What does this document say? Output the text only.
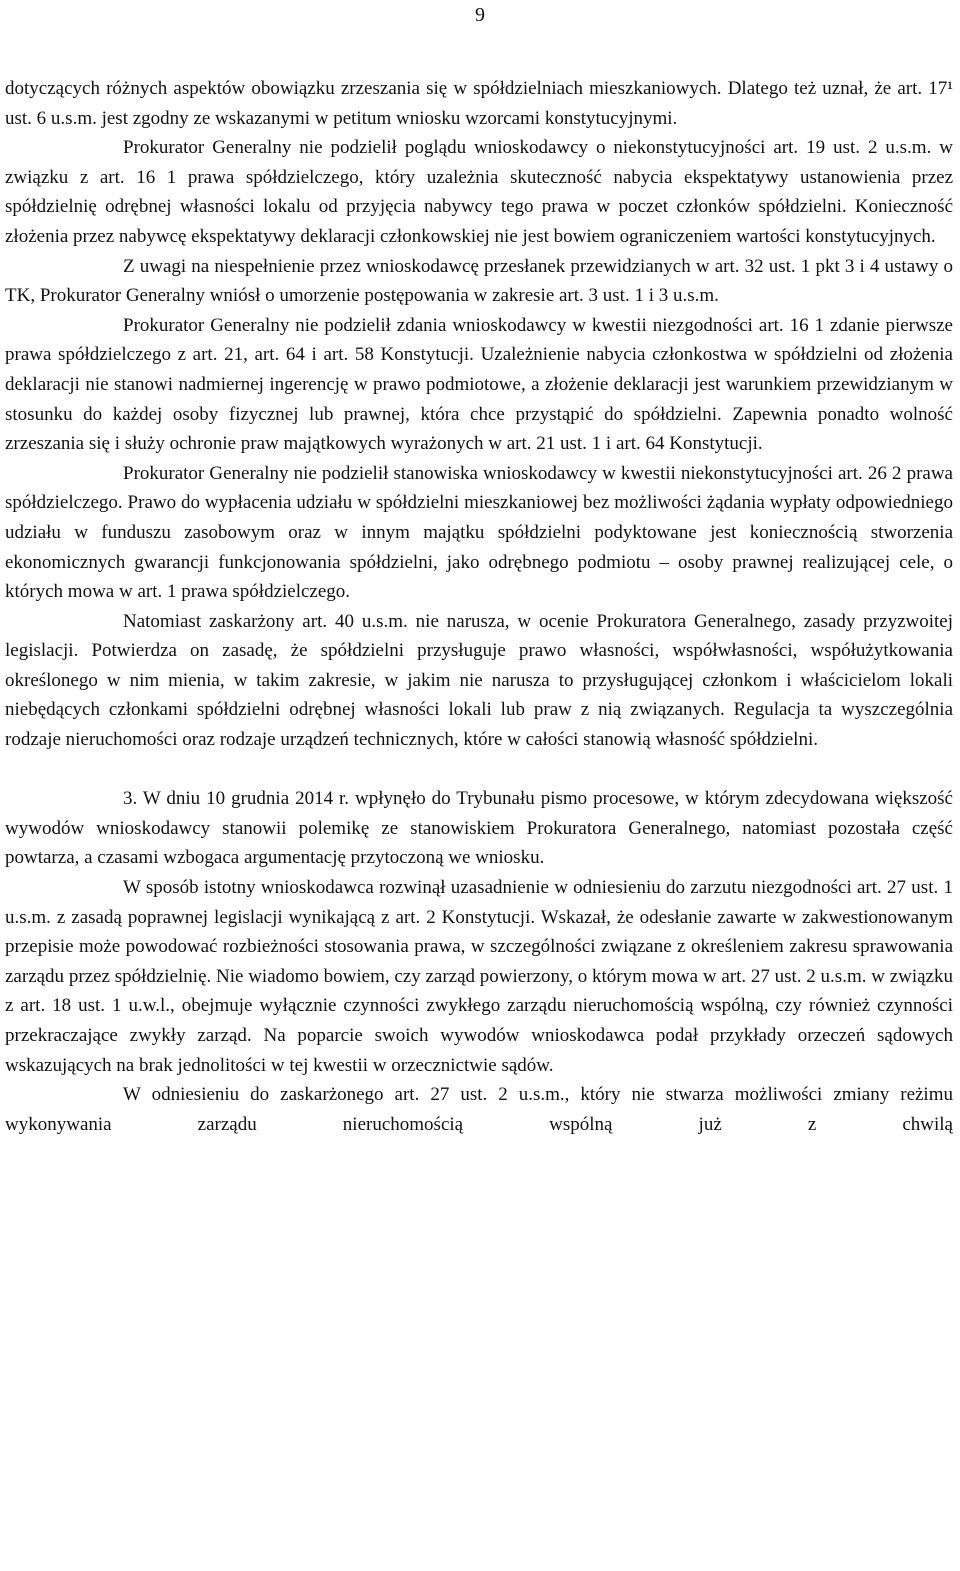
9

dotyczących różnych aspektów obowiązku zrzeszania się w spółdzielniach mieszkaniowych. Dlatego też uznał, że art. 17¹ ust. 6 u.s.m. jest zgodny ze wskazanymi w petitum wniosku wzorcami konstytucyjnymi.

Prokurator Generalny nie podzielił poglądu wnioskodawcy o niekonstytucyjności art. 19 ust. 2 u.s.m. w związku z art. 16 1 prawa spółdzielczego, który uzależnia skuteczność nabycia ekspektatywy ustanowienia przez spółdzielnię odrębnej własności lokalu od przyjęcia nabywcy tego prawa w poczet członków spółdzielni. Konieczność złożenia przez nabywcę ekspektatywy deklaracji członkowskiej nie jest bowiem ograniczeniem wartości konstytucyjnych.

Z uwagi na niespełnienie przez wnioskodawcę przesłanek przewidzianych w art. 32 ust. 1 pkt 3 i 4 ustawy o TK, Prokurator Generalny wniósł o umorzenie postępowania w zakresie art. 3 ust. 1 i 3 u.s.m.

Prokurator Generalny nie podzielił zdania wnioskodawcy w kwestii niezgodności art. 16 1 zdanie pierwsze prawa spółdzielczego z art. 21, art. 64 i art. 58 Konstytucji. Uzależnienie nabycia członkostwa w spółdzielni od złożenia deklaracji nie stanowi nadmiernej ingerencję w prawo podmiotowe, a złożenie deklaracji jest warunkiem przewidzianym w stosunku do każdej osoby fizycznej lub prawnej, która chce przystąpić do spółdzielni. Zapewnia ponadto wolność zrzeszania się i służy ochronie praw majątkowych wyrażonych w art. 21 ust. 1 i art. 64 Konstytucji.

Prokurator Generalny nie podzielił stanowiska wnioskodawcy w kwestii niekonstytucyjności art. 26 2 prawa spółdzielczego. Prawo do wypłacenia udziału w spółdzielni mieszkaniowej bez możliwości żądania wypłaty odpowiedniego udziału w funduszu zasobowym oraz w innym majątku spółdzielni podyktowane jest koniecznością stworzenia ekonomicznych gwarancji funkcjonowania spółdzielni, jako odrębnego podmiotu – osoby prawnej realizującej cele, o których mowa w art. 1 prawa spółdzielczego.

Natomiast zaskarżony art. 40 u.s.m. nie narusza, w ocenie Prokuratora Generalnego, zasady przyzwoitej legislacji. Potwierdza on zasadę, że spółdzielni przysługuje prawo własności, współwłasności, współużytkowania określonego w nim mienia, w takim zakresie, w jakim nie narusza to przysługującej członkom i właścicielom lokali niebędących członkami spółdzielni odrębnej własności lokali lub praw z nią związanych. Regulacja ta wyszczególnia rodzaje nieruchomości oraz rodzaje urządzeń technicznych, które w całości stanowią własność spółdzielni.

3. W dniu 10 grudnia 2014 r. wpłynęło do Trybunału pismo procesowe, w którym zdecydowana większość wywodów wnioskodawcy stanowii polemikę ze stanowiskiem Prokuratora Generalnego, natomiast pozostała część powtarza, a czasami wzbogaca argumentację przytoczoną we wniosku.

W sposób istotny wnioskodawca rozwinął uzasadnienie w odniesieniu do zarzutu niezgodności art. 27 ust. 1 u.s.m. z zasadą poprawnej legislacji wynikającą z art. 2 Konstytucji. Wskazał, że odesłanie zawarte w zakwestionowanym przepisie może powodować rozbieżności stosowania prawa, w szczególności związane z określeniem zakresu sprawowania zarządu przez spółdzielnię. Nie wiadomo bowiem, czy zarząd powierzony, o którym mowa w art. 27 ust. 2 u.s.m. w związku z art. 18 ust. 1 u.w.l., obejmuje wyłącznie czynności zwykłego zarządu nieruchomością wspólną, czy również czynności przekraczające zwykły zarząd. Na poparcie swoich wywodów wnioskodawca podał przykłady orzeczeń sądowych wskazujących na brak jednolitości w tej kwestii w orzecznictwie sądów.

W odniesieniu do zaskarżonego art. 27 ust. 2 u.s.m., który nie stwarza możliwości zmiany reżimu wykonywania zarządu nieruchomością wspólną już z chwilą
